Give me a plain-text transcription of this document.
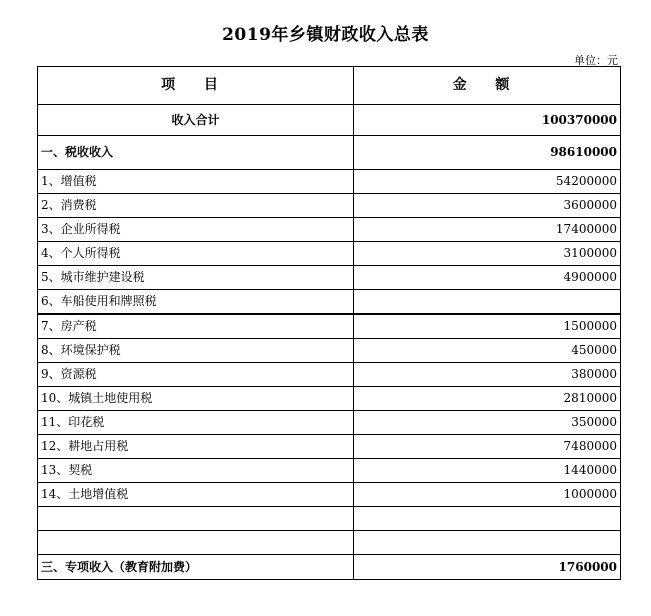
2019年乡镇财政收入总表
单位：元
项 目	金 额
收入合计	100370000
一、税收收入	98610000
1、增值税	54200000
2、消费税	3600000
3、企业所得税	17400000
4、个人所得税	3100000
5、城市维护建设税	4900000
6、车船使用和牌照税	
7、房产税	1500000
8、环境保护税	450000
9、资源税	380000
10、城镇土地使用税	2810000
11、印花税	350000
12、耕地占用税	7480000
13、契税	1440000
14、土地增值税	1000000

三、专项收入（教育附加费）	1760000
